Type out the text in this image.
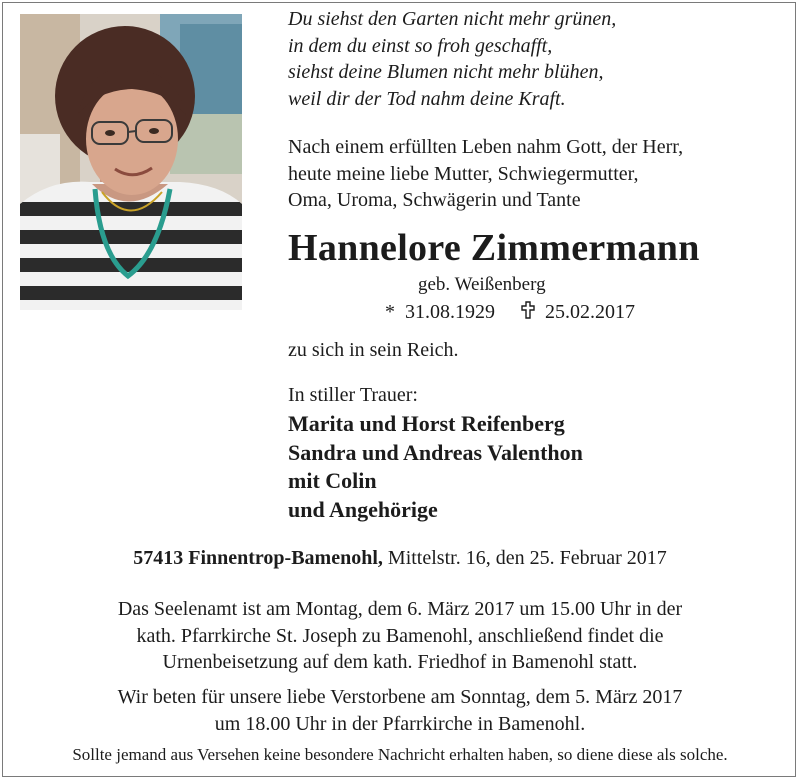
Du siehst den Garten nicht mehr grünen,
in dem du einst so froh geschafft,
siehst deine Blumen nicht mehr blühen,
weil dir der Tod nahm deine Kraft.
Nach einem erfüllten Leben nahm Gott, der Herr,
heute meine liebe Mutter, Schwiegermutter,
Oma, Uroma, Schwägerin und Tante
Hannelore Zimmermann
geb. Weißenberg
* 31.08.1929	25.02.2017
zu sich in sein Reich.
In stiller Trauer:
Marita und Horst Reifenberg
Sandra und Andreas Valenthon
mit Colin
und Angehörige
57413 Finnentrop-Bamenohl, Mittelstr. 16, den 25. Februar 2017
Das Seelenamt ist am Montag, dem 6. März 2017 um 15.00 Uhr in der
kath. Pfarrkirche St. Joseph zu Bamenohl, anschließend findet die
Urnenbeisetzung auf dem kath. Friedhof in Bamenohl statt.
Wir beten für unsere liebe Verstorbene am Sonntag, dem 5. März 2017
um 18.00 Uhr in der Pfarrkirche in Bamenohl.
Sollte jemand aus Versehen keine besondere Nachricht erhalten haben, so diene diese als solche.
